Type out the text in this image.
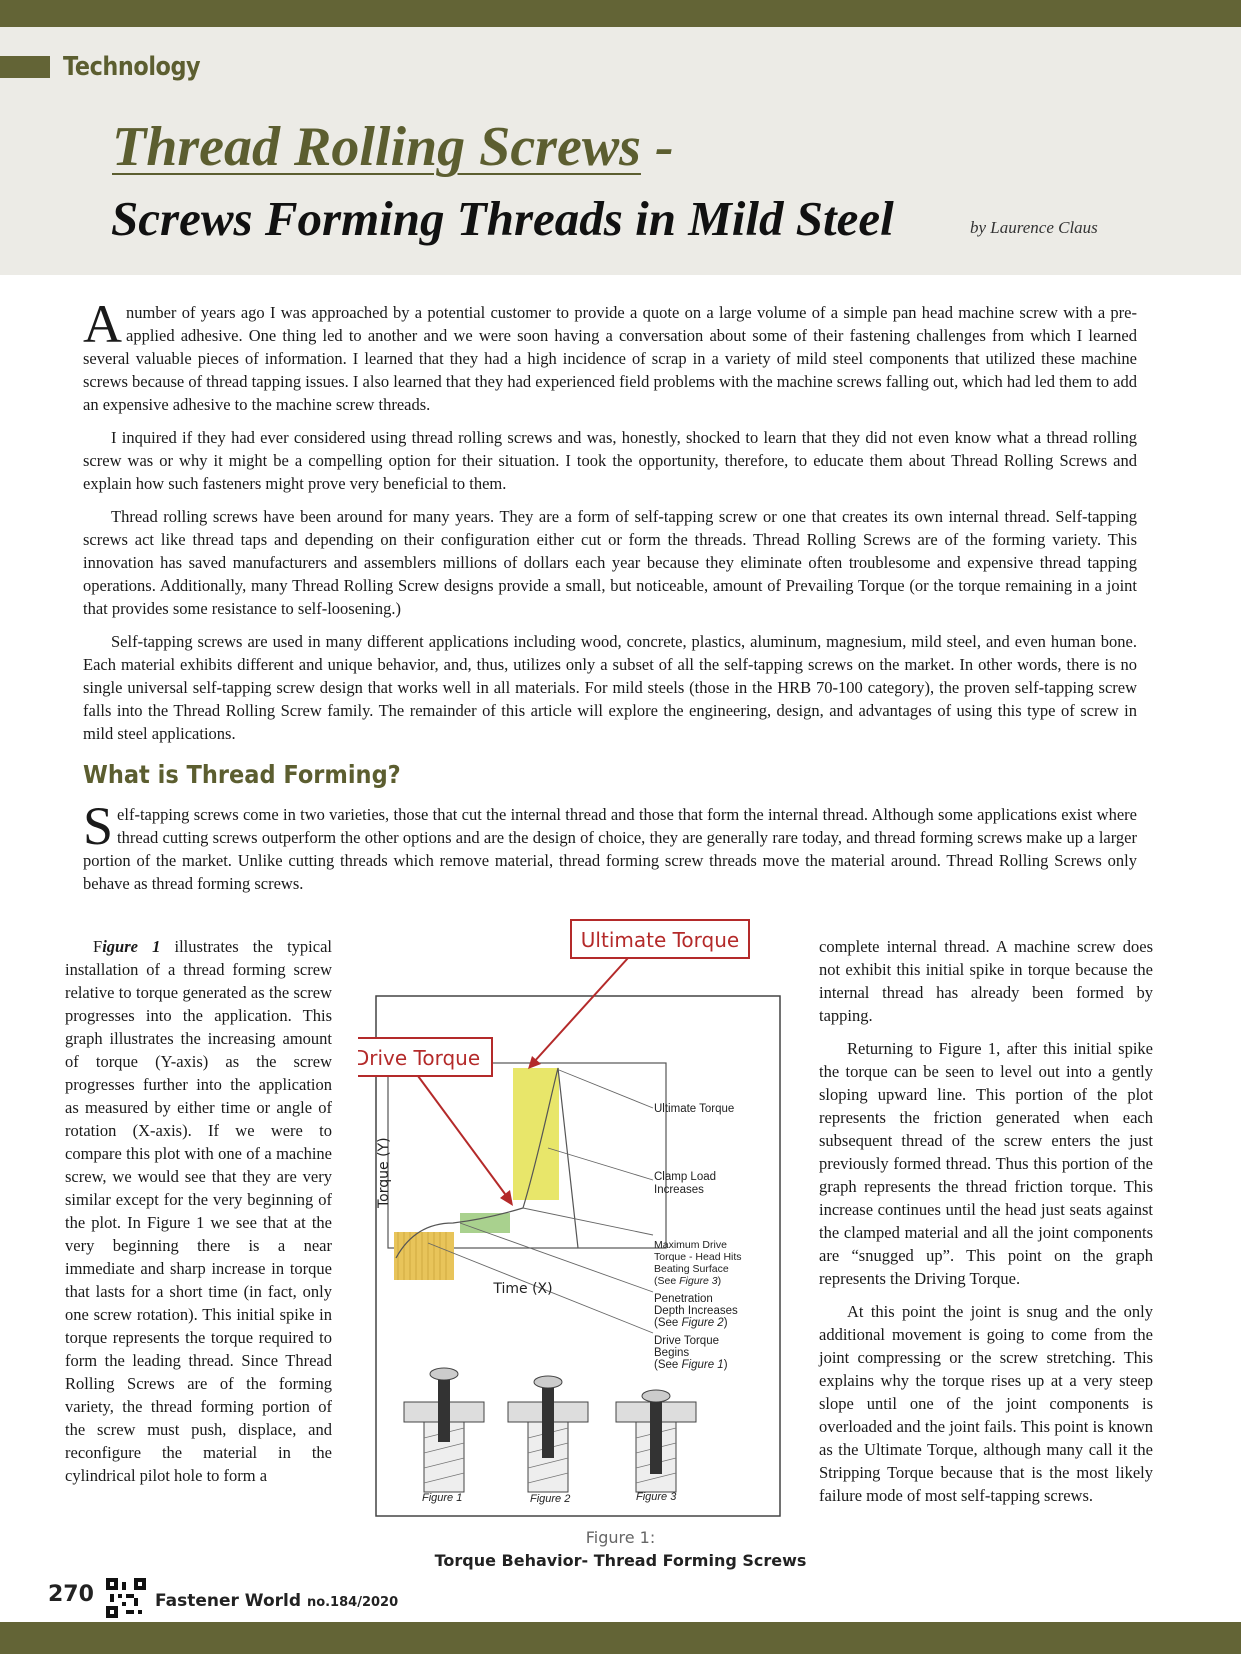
Technology
Thread Rolling Screws -
Screws Forming Threads in Mild Steel	by Laurence Claus

A number of years ago I was approached by a potential customer to provide a quote on a large volume of a simple pan head machine screw with a pre-applied adhesive. One thing led to another and we were soon having a conversation about some of their fastening challenges from which I learned several valuable pieces of information. I learned that they had a high incidence of scrap in a variety of mild steel components that utilized these machine screws because of thread tapping issues. I also learned that they had experienced field problems with the machine screws falling out, which had led them to add an expensive adhesive to the machine screw threads.

I inquired if they had ever considered using thread rolling screws and was, honestly, shocked to learn that they did not even know what a thread rolling screw was or why it might be a compelling option for their situation. I took the opportunity, therefore, to educate them about Thread Rolling Screws and explain how such fasteners might prove very beneficial to them.

Thread rolling screws have been around for many years. They are a form of self-tapping screw or one that creates its own internal thread. Self-tapping screws act like thread taps and depending on their configuration either cut or form the threads. Thread Rolling Screws are of the forming variety. This innovation has saved manufacturers and assemblers millions of dollars each year because they eliminate often troublesome and expensive thread tapping operations. Additionally, many Thread Rolling Screw designs provide a small, but noticeable, amount of Prevailing Torque (or the torque remaining in a joint that provides some resistance to self-loosening.)

Self-tapping screws are used in many different applications including wood, concrete, plastics, aluminum, magnesium, mild steel, and even human bone. Each material exhibits different and unique behavior, and, thus, utilizes only a subset of all the self-tapping screws on the market. In other words, there is no single universal self-tapping screw design that works well in all materials. For mild steels (those in the HRB 70-100 category), the proven self-tapping screw falls into the Thread Rolling Screw family. The remainder of this article will explore the engineering, design, and advantages of using this type of screw in mild steel applications.

What is Thread Forming?

Self-tapping screws come in two varieties, those that cut the internal thread and those that form the internal thread. Although some applications exist where thread cutting screws outperform the other options and are the design of choice, they are generally rare today, and thread forming screws make up a larger portion of the market. Unlike cutting threads which remove material, thread forming screw threads move the material around. Thread Rolling Screws only behave as thread forming screws.

Figure 1 illustrates the typical installation of a thread forming screw relative to torque generated as the screw progresses into the application. This graph illustrates the increasing amount of torque (Y-axis) as the screw progresses further into the application as measured by either time or angle of rotation (X-axis). If we were to compare this plot with one of a machine screw, we would see that they are very similar except for the very beginning of the plot. In Figure 1 we see that at the very beginning there is a near immediate and sharp increase in torque that lasts for a short time (in fact, only one screw rotation). This initial spike in torque represents the torque required to form the leading thread. Since Thread Rolling Screws are of the forming variety, the thread forming portion of the screw must push, displace, and reconfigure the material in the cylindrical pilot hole to form a

complete internal thread. A machine screw does not exhibit this initial spike in torque because the internal thread has already been formed by tapping.

Returning to Figure 1, after this initial spike the torque can be seen to level out into a gently sloping upward line. This portion of the plot represents the friction generated when each subsequent thread of the screw enters the just previously formed thread. Thus this portion of the graph represents the thread friction torque. This increase continues until the head just seats against the clamped material and all the joint components are “snugged up”. This point on the graph represents the Driving Torque.

At this point the joint is snug and the only additional movement is going to come from the joint compressing or the screw stretching. This explains why the torque rises up at a very steep slope until one of the joint components is overloaded and the joint fails. This point is known as the Ultimate Torque, although many call it the Stripping Torque because that is the most likely failure mode of most self-tapping screws.

Ultimate Torque
Drive Torque
Torque (Y)
Time (X)
Ultimate Torque
Clamp Load
Increases
Maximum Drive
Torque - Head Hits
Beating Surface
(See Figure 3)
Penetration
Depth Increases
(See Figure 2)
Drive Torque
Begins
(See Figure 1)
Figure 1	Figure 2	Figure 3
Figure 1:
Torque Behavior- Thread Forming Screws
270	Fastener World no.184/2020
